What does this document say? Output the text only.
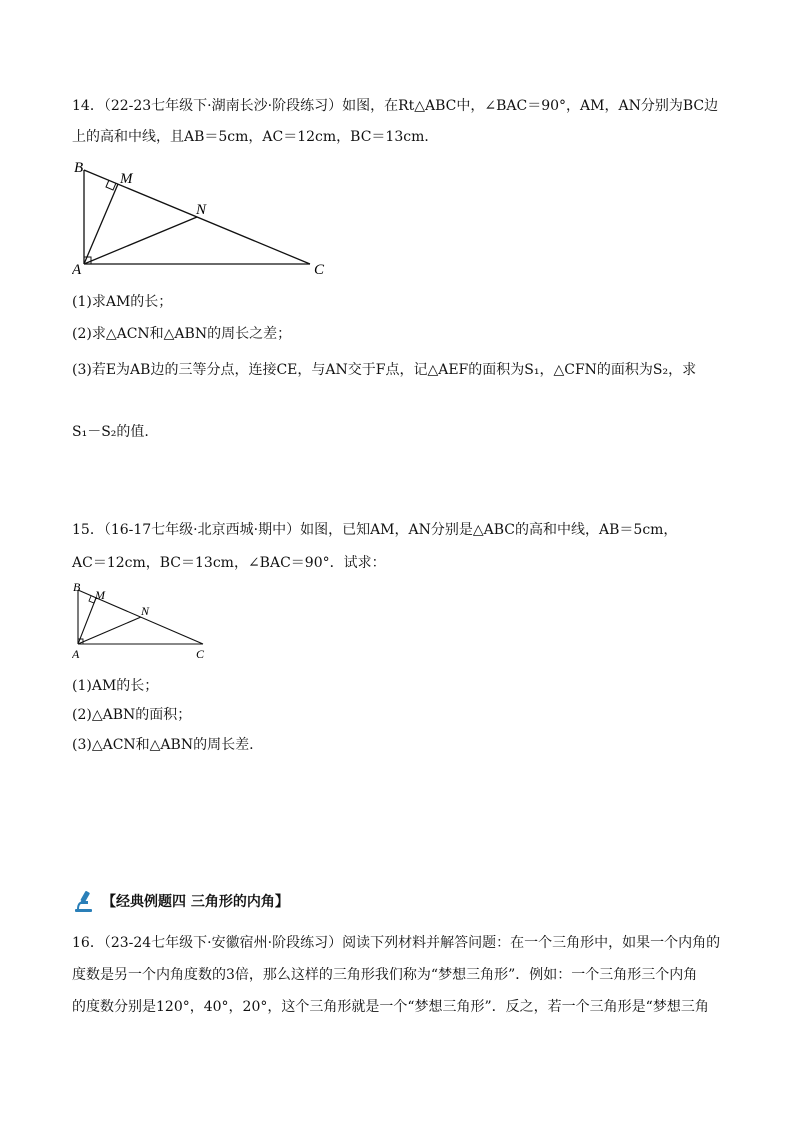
14．（22-23七年级下·湖南长沙·阶段练习）如图，在Rt△ABC中，∠BAC＝90°，AM，AN分别为BC边
上的高和中线，且AB＝5cm，AC＝12cm，BC＝13cm．
B
M
N
A	C
(1)求AM的长；
(2)求△ACN和△ABN的周长之差；
(3)若E为AB边的三等分点，连接CE，与AN交于F点，记△AEF的面积为S₁，△CFN的面积为S₂，求
S₁－S₂的值.
15．（16-17七年级·北京西城·期中）如图，已知AM，AN分别是△ABC的高和中线，AB＝5cm，
AC＝12cm，BC＝13cm，∠BAC＝90°．试求：
B
M
N
A	C
(1)AM的长；
(2)△ABN的面积；
(3)△ACN和△ABN的周长差.
【经典例题四 三角形的内角】
16．（23-24七年级下·安徽宿州·阶段练习）阅读下列材料并解答问题：在一个三角形中，如果一个内角的
度数是另一个内角度数的3倍，那么这样的三角形我们称为“梦想三角形”．例如：一个三角形三个内角
的度数分别是120°，40°，20°，这个三角形就是一个“梦想三角形”．反之，若一个三角形是“梦想三角
